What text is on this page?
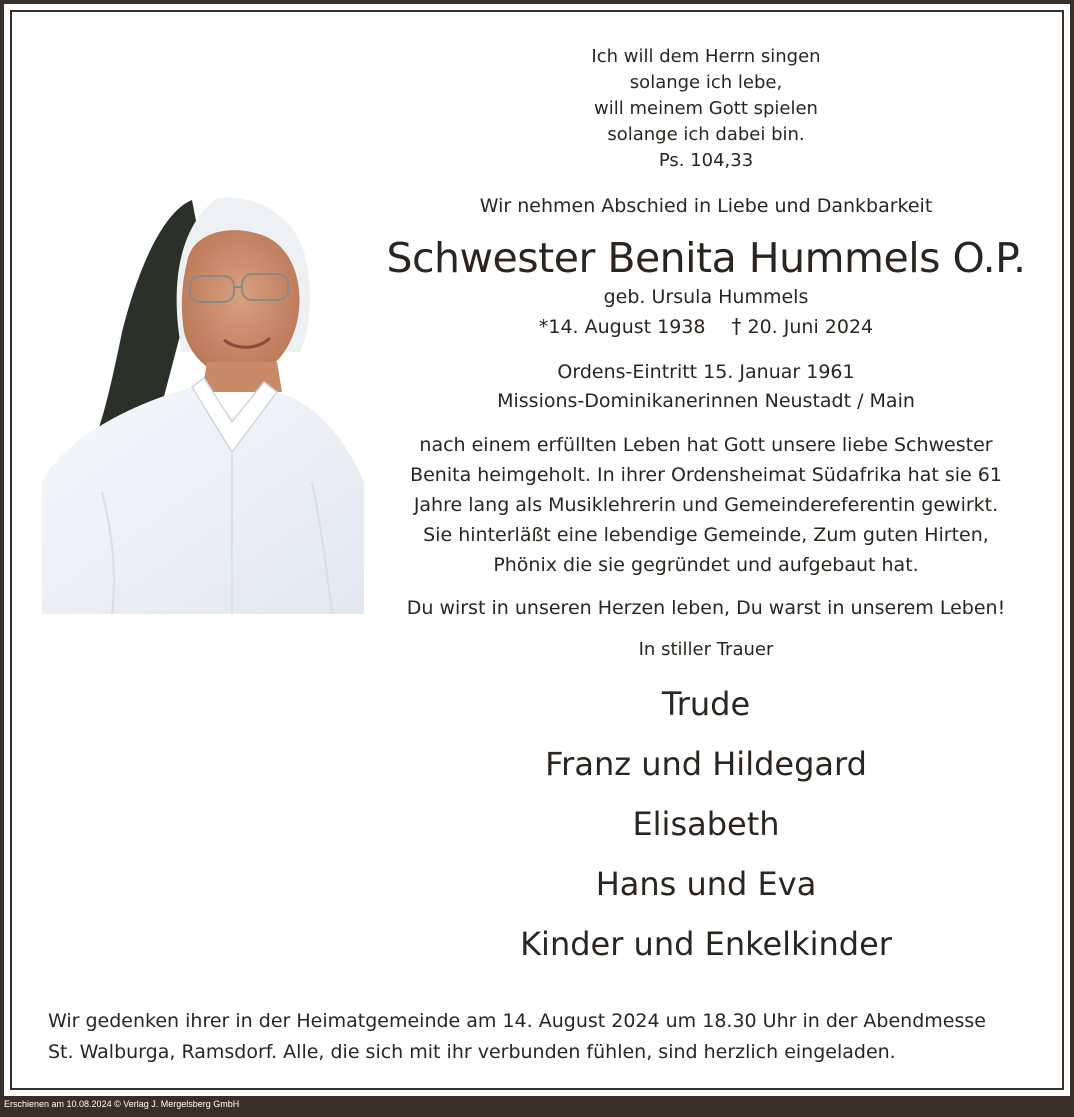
Ich will dem Herrn singen
solange ich lebe,
will meinem Gott spielen
solange ich dabei bin.
Ps. 104,33
Wir nehmen Abschied in Liebe und Dankbarkeit
Schwester Benita Hummels O.P.
geb. Ursula Hummels
*14. August 1938 † 20. Juni 2024
Ordens-Eintritt 15. Januar 1961
Missions-Dominikanerinnen Neustadt / Main
nach einem erfüllten Leben hat Gott unsere liebe Schwester
Benita heimgeholt. In ihrer Ordensheimat Südafrika hat sie 61
Jahre lang als Musiklehrerin und Gemeindereferentin gewirkt.
Sie hinterläßt eine lebendige Gemeinde, Zum guten Hirten,
Phönix die sie gegründet und aufgebaut hat.
Du wirst in unseren Herzen leben, Du warst in unserem Leben!
In stiller Trauer
Trude
Franz und Hildegard
Elisabeth
Hans und Eva
Kinder und Enkelkinder
Wir gedenken ihrer in der Heimatgemeinde am 14. August 2024 um 18.30 Uhr in der Abendmesse
St. Walburga, Ramsdorf. Alle, die sich mit ihr verbunden fühlen, sind herzlich eingeladen.
Erschienen am 10.08.2024 © Verlag J. Mergelsberg GmbH
